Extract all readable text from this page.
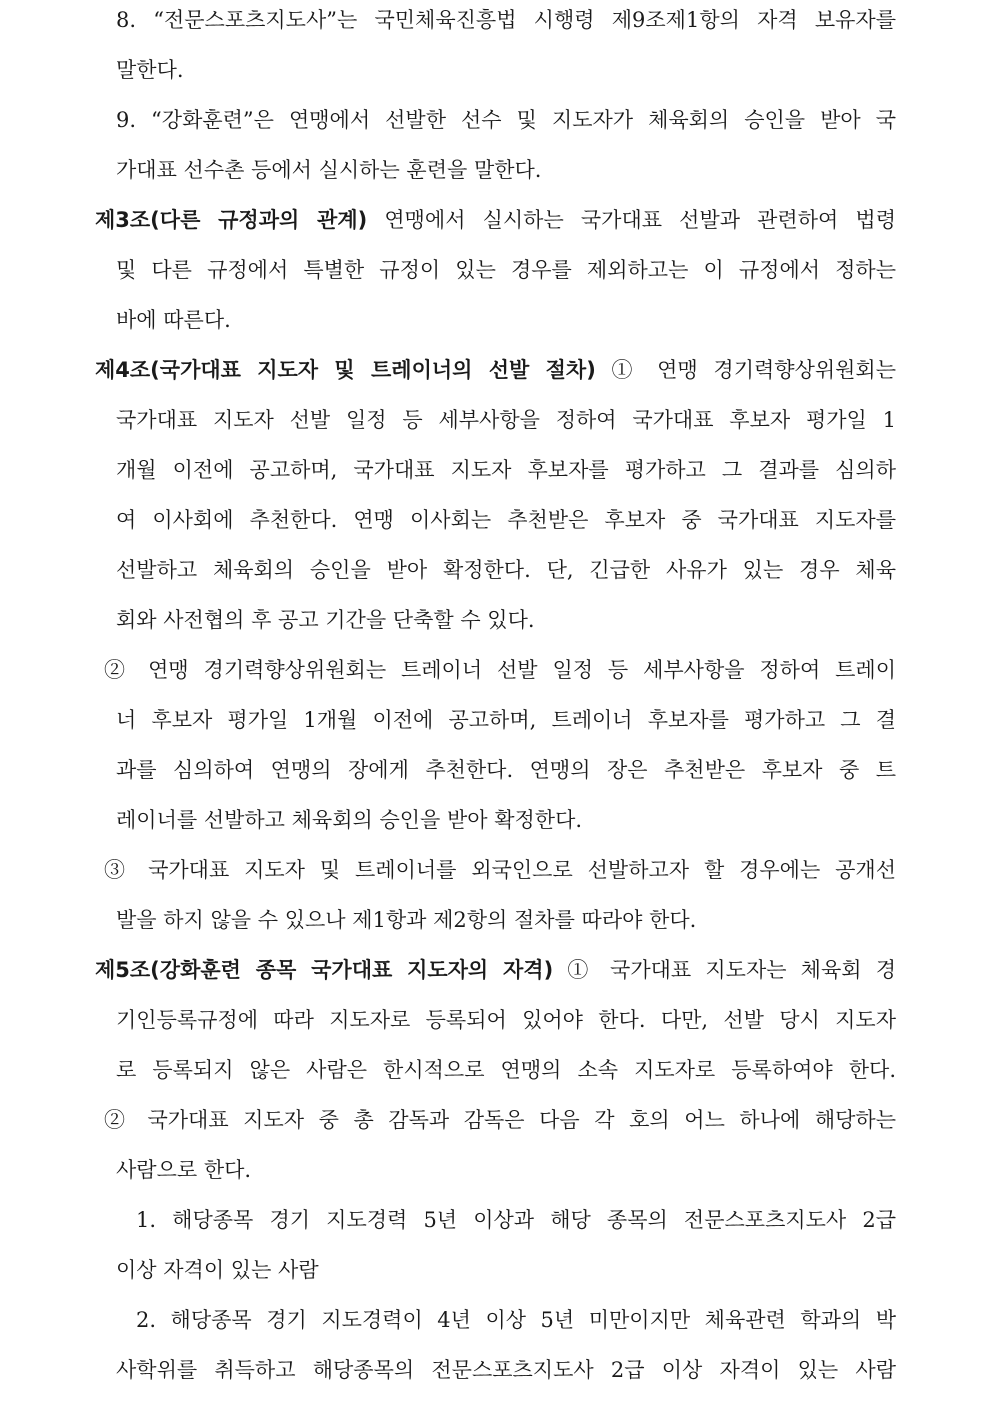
8. “전문스포츠지도사”는 국민체육진흥법 시행령 제9조제1항의 자격 보유자를
말한다.
9. “강화훈련”은 연맹에서 선발한 선수 및 지도자가 체육회의 승인을 받아 국
가대표 선수촌 등에서 실시하는 훈련을 말한다.
제3조(다른 규정과의 관계) 연맹에서 실시하는 국가대표 선발과 관련하여 법령
및 다른 규정에서 특별한 규정이 있는 경우를 제외하고는 이 규정에서 정하는
바에 따른다.
제4조(국가대표 지도자 및 트레이너의 선발 절차) ① 연맹 경기력향상위원회는
국가대표 지도자 선발 일정 등 세부사항을 정하여 국가대표 후보자 평가일 1
개월 이전에 공고하며, 국가대표 지도자 후보자를 평가하고 그 결과를 심의하
여 이사회에 추천한다. 연맹 이사회는 추천받은 후보자 중 국가대표 지도자를
선발하고 체육회의 승인을 받아 확정한다. 단, 긴급한 사유가 있는 경우 체육
회와 사전협의 후 공고 기간을 단축할 수 있다.
② 연맹 경기력향상위원회는 트레이너 선발 일정 등 세부사항을 정하여 트레이
너 후보자 평가일 1개월 이전에 공고하며, 트레이너 후보자를 평가하고 그 결
과를 심의하여 연맹의 장에게 추천한다. 연맹의 장은 추천받은 후보자 중 트
레이너를 선발하고 체육회의 승인을 받아 확정한다.
③ 국가대표 지도자 및 트레이너를 외국인으로 선발하고자 할 경우에는 공개선
발을 하지 않을 수 있으나 제1항과 제2항의 절차를 따라야 한다.
제5조(강화훈련 종목 국가대표 지도자의 자격) ① 국가대표 지도자는 체육회 경
기인등록규정에 따라 지도자로 등록되어 있어야 한다. 다만, 선발 당시 지도자
로 등록되지 않은 사람은 한시적으로 연맹의 소속 지도자로 등록하여야 한다.
② 국가대표 지도자 중 총 감독과 감독은 다음 각 호의 어느 하나에 해당하는
사람으로 한다.
1. 해당종목 경기 지도경력 5년 이상과 해당 종목의 전문스포츠지도사 2급
이상 자격이 있는 사람
2. 해당종목 경기 지도경력이 4년 이상 5년 미만이지만 체육관련 학과의 박
사학위를 취득하고 해당종목의 전문스포츠지도사 2급 이상 자격이 있는 사람
